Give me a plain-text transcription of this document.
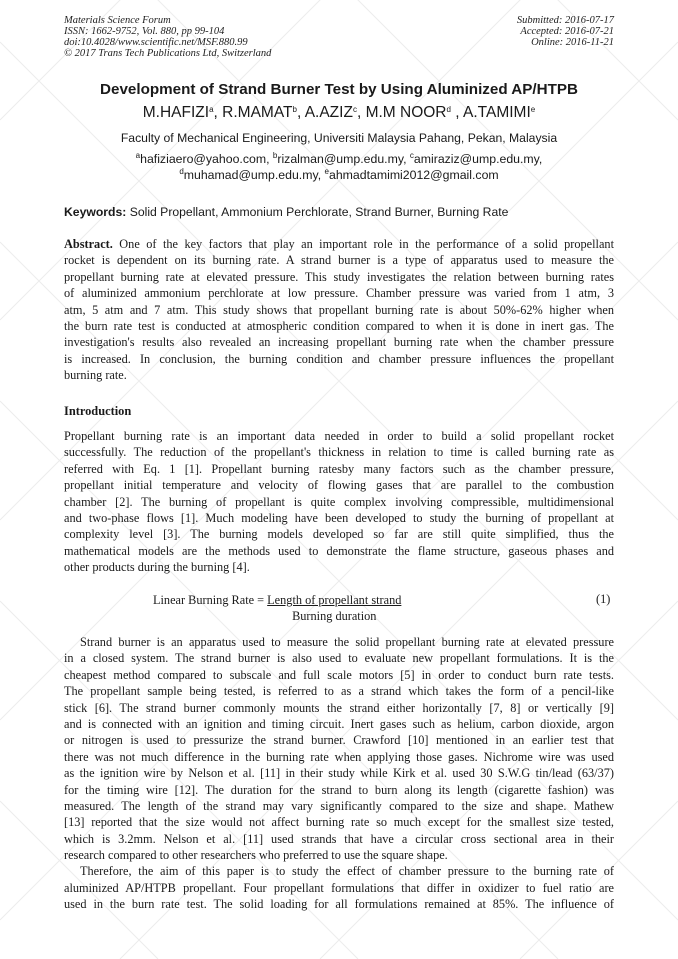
Materials Science Forum
ISSN: 1662-9752, Vol. 880, pp 99-104
doi:10.4028/www.scientific.net/MSF.880.99
© 2017 Trans Tech Publications Ltd, Switzerland
Submitted: 2016-07-17
Accepted: 2016-07-21
Online: 2016-11-21
Development of Strand Burner Test by Using Aluminized AP/HTPB
M.HAFIZI$^a$, R.MAMAT$^b$, A.AZIZ$^c$, M.M NOOR$^d$ , A.TAMIMI$^e$
Faculty of Mechanical Engineering, Universiti Malaysia Pahang, Pekan, Malaysia
$^a$hafiziaero@yahoo.com, $^b$rizalman@ump.edu.my, $^c$amiraziz@ump.edu.my,
$^d$muhamad@ump.edu.my, $^e$ahmadtamimi2012@gmail.com
Keywords: Solid Propellant, Ammonium Perchlorate, Strand Burner, Burning Rate
Abstract. One of the key factors that play an important role in the performance of a solid propellant
rocket is dependent on its burning rate. A strand burner is a type of apparatus used to measure the
propellant burning rate at elevated pressure. This study investigates the relation between burning rates
of aluminized ammonium perchlorate at low pressure. Chamber pressure was varied from 1 atm, 3
atm, 5 atm and 7 atm. This study shows that propellant burning rate is about 50%-62% higher when
the burn rate test is conducted at atmospheric condition compared to when it is done in inert gas. The
investigation's results also revealed an increasing propellant burning rate when the chamber pressure
is increased. In conclusion, the burning condition and chamber pressure influences the propellant
burning rate.
Introduction
Propellant burning rate is an important data needed in order to build a solid propellant rocket
successfully. The reduction of the propellant's thickness in relation to time is called burning rate as
referred with Eq. 1 [1]. Propellant burning ratesby many factors such as the chamber pressure,
propellant initial temperature and velocity of flowing gases that are parallel to the combustion
chamber [2]. The burning of propellant is quite complex involving compressible, multidimensional
and two-phase flows [1]. Much modeling have been developed to study the burning of propellant at
complexity level [3]. The burning models developed so far are still quite simplified, thus the
mathematical models are the methods used to demonstrate the flame structure, gaseous phases and
other products during the burning [4].
Linear Burning Rate = $\frac{\text{Length of propellant strand}}{\text{Burning duration}}$	(1)
Strand burner is an apparatus used to measure the solid propellant burning rate at elevated pressure
in a closed system. The strand burner is also used to evaluate new propellant formulations. It is the
cheapest method compared to subscale and full scale motors [5] in order to conduct burn rate tests.
The propellant sample being tested, is referred to as a strand which takes the form of a pencil-like
stick [6]. The strand burner commonly mounts the strand either horizontally [7, 8] or vertically [9]
and is connected with an ignition and timing circuit. Inert gases such as helium, carbon dioxide, argon
or nitrogen is used to pressurize the strand burner. Crawford [10] mentioned in an earlier test that
there was not much difference in the burning rate when applying those gases. Nichrome wire was used
as the ignition wire by Nelson et al. [11] in their study while Kirk et al. used 30 S.W.G tin/lead (63/37)
for the timing wire [12]. The duration for the strand to burn along its length (cigarette fashion) was
measured. The length of the strand may vary significantly compared to the size and shape. Mathew
[13] reported that the size would not affect burning rate so much except for the smallest size tested,
which is 3.2mm. Nelson et al. [11] used strands that have a circular cross sectional area in their
research compared to other researchers who preferred to use the square shape.
Therefore, the aim of this paper is to study the effect of chamber pressure to the burning rate of
aluminized AP/HTPB propellant. Four propellant formulations that differ in oxidizer to fuel ratio are
used in the burn rate test. The solid loading for all formulations remained at 85%. The influence of
